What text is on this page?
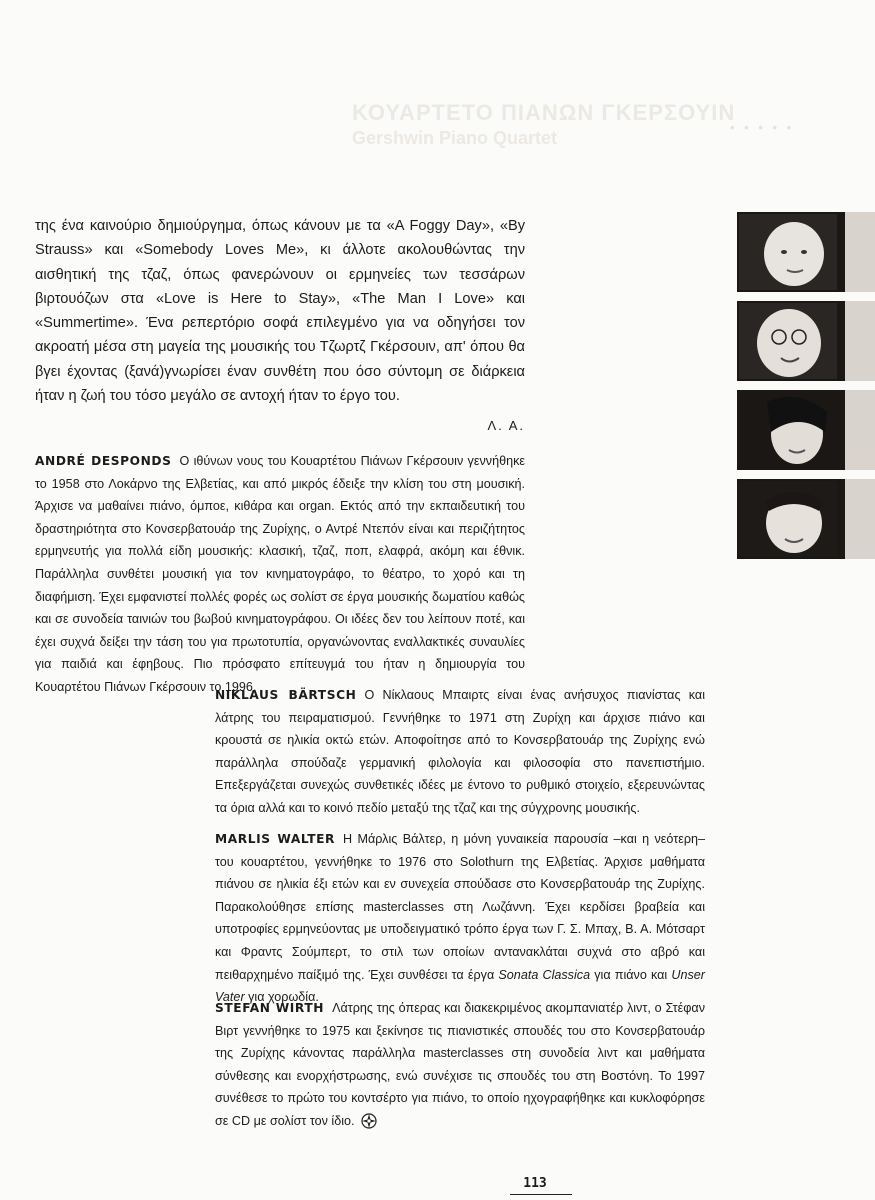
ΚΟΥΑΡΤΕΤΟ ΠΙΑΝΩΝ ΓΚΕΡΣΟΥΙΝ
Gershwin Piano Quartet
• • • • •

της ένα καινούριο δημιούργημα, όπως κάνουν με τα «A Foggy Day», «By Strauss» και «Somebody Loves Me», κι άλλοτε ακολουθώντας την αισθητική της τζαζ, όπως φανερώνουν οι ερμηνείες των τεσσάρων βιρτουόζων στα «Love is Here to Stay», «The Man I Love» και «Summertime». Ένα ρεπερτόριο σοφά επιλεγμένο για να οδηγήσει τον ακροατή μέσα στη μαγεία της μουσικής του Τζωρτζ Γκέρσουιν, απ' όπου θα βγει έχοντας (ξανά)γνωρίσει έναν συνθέτη που όσο σύντομη σε διάρκεια ήταν η ζωή του τόσο μεγάλο σε αντοχή ήταν το έργο του.

Λ. Α.

ANDRÉ DESPONDS Ο ιθύνων νους του Κουαρτέτου Πιάνων Γκέρσουιν γεννήθηκε το 1958 στο Λοκάρνο της Ελβετίας, και από μικρός έδειξε την κλίση του στη μουσική. Άρχισε να μαθαίνει πιάνο, όμποε, κιθάρα και organ. Εκτός από την εκπαιδευτική του δραστηριότητα στο Κονσερβατουάρ της Ζυρίχης, ο Αντρέ Ντεπόν είναι και περιζήτητος ερμηνευτής για πολλά είδη μουσικής: κλασική, τζαζ, ποπ, ελαφρά, ακόμη και έθνικ. Παράλληλα συνθέτει μουσική για τον κινηματογράφο, το θέατρο, το χορό και τη διαφήμιση. Έχει εμφανιστεί πολλές φορές ως σολίστ σε έργα μουσικής δωματίου καθώς και σε συνοδεία ταινιών του βωβού κινηματογράφου. Οι ιδέες δεν του λείπουν ποτέ, και έχει συχνά δείξει την τάση του για πρωτοτυπία, οργανώνοντας εναλλακτικές συναυλίες για παιδιά και έφηβους. Πιο πρόσφατο επίτευγμά του ήταν η δημιουργία του Κουαρτέτου Πιάνων Γκέρσουιν το 1996.

NIKLAUS BÄRTSCH Ο Νίκλαους Μπαιρτς είναι ένας ανήσυχος πιανίστας και λάτρης του πειραματισμού. Γεννήθηκε το 1971 στη Ζυρίχη και άρχισε πιάνο και κρουστά σε ηλικία οκτώ ετών. Αποφοίτησε από το Κονσερβατουάρ της Ζυρίχης ενώ παράλληλα σπούδαζε γερμανική φιλολογία και φιλοσοφία στο πανεπιστήμιο. Επεξεργάζεται συνεχώς συνθετικές ιδέες με έντονο το ρυθμικό στοιχείο, εξερευνώντας τα όρια αλλά και το κοινό πεδίο μεταξύ της τζαζ και της σύγχρονης μουσικής.

MARLIS WALTER Η Μάρλις Βάλτερ, η μόνη γυναικεία παρουσία –και η νεότερη– του κουαρτέτου, γεννήθηκε το 1976 στο Solothurn της Ελβετίας. Άρχισε μαθήματα πιάνου σε ηλικία έξι ετών και εν συνεχεία σπούδασε στο Κονσερβατουάρ της Ζυρίχης. Παρακολούθησε επίσης masterclasses στη Λωζάννη. Έχει κερδίσει βραβεία και υποτροφίες ερμηνεύοντας με υποδειγματικό τρόπο έργα των Γ. Σ. Μπαχ, Β. Α. Μότσαρτ και Φραντς Σούμπερτ, το στιλ των οποίων αντανακλάται συχνά στο αβρό και πειθαρχημένο παίξιμό της. Έχει συνθέσει τα έργα Sonata Classica για πιάνο και Unser Vater για χορωδία.

STEFAN WIRTH Λάτρης της όπερας και διακεκριμένος ακομπανιατέρ λιντ, ο Στέφαν Βιρτ γεννήθηκε το 1975 και ξεκίνησε τις πιανιστικές σπουδές του στο Κονσερβατουάρ της Ζυρίχης κάνοντας παράλληλα masterclasses στη συνοδεία λιντ και μαθήματα σύνθεσης και ενορχήστρωσης, ενώ συνέχισε τις σπουδές του στη Βοστόνη. Το 1997 συνέθεσε το πρώτο του κοντσέρτο για πιάνο, το οποίο ηχογραφήθηκε και κυκλοφόρησε σε CD με σολίστ τον ίδιο.

113
